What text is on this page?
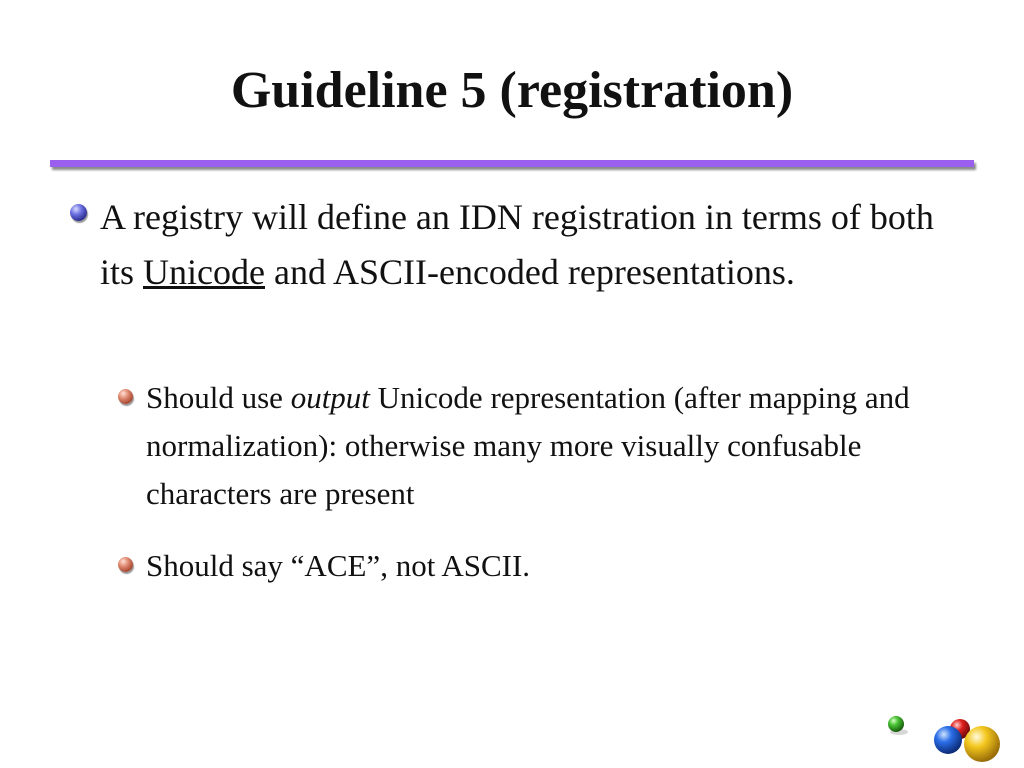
Guideline 5 (registration)
A registry will define an IDN registration in terms of both its Unicode and ASCII-encoded representations.
Should use output Unicode representation (after mapping and normalization): otherwise many more visually confusable characters are present
Should say “ACE”, not ASCII.
